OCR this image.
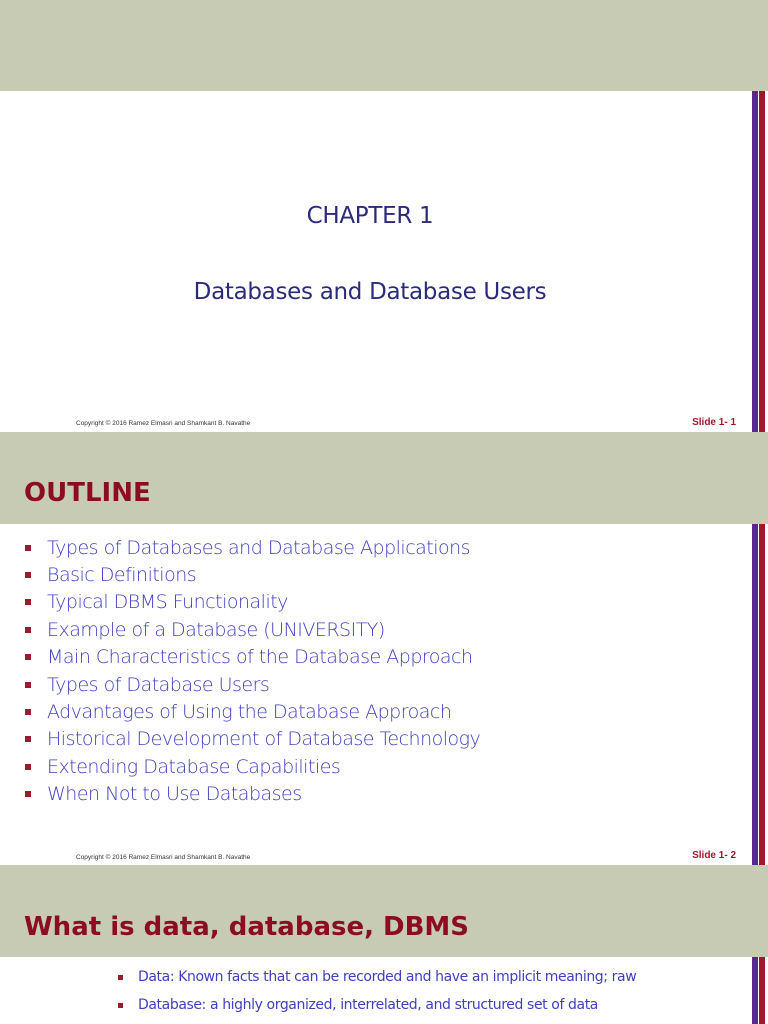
CHAPTER 1
Databases and Database Users
Copyright © 2016 Ramez Elmasri and Shamkant B. Navathe	Slide 1- 1
OUTLINE
Types of Databases and Database Applications
Basic Definitions
Typical DBMS Functionality
Example of a Database (UNIVERSITY)
Main Characteristics of the Database Approach
Types of Database Users
Advantages of Using the Database Approach
Historical Development of Database Technology
Extending Database Capabilities
When Not to Use Databases
Copyright © 2016 Ramez Elmasri and Shamkant B. Navathe	Slide 1- 2
What is data, database, DBMS
Data: Known facts that can be recorded and have an implicit meaning; raw
Database: a highly organized, interrelated, and structured set of data
